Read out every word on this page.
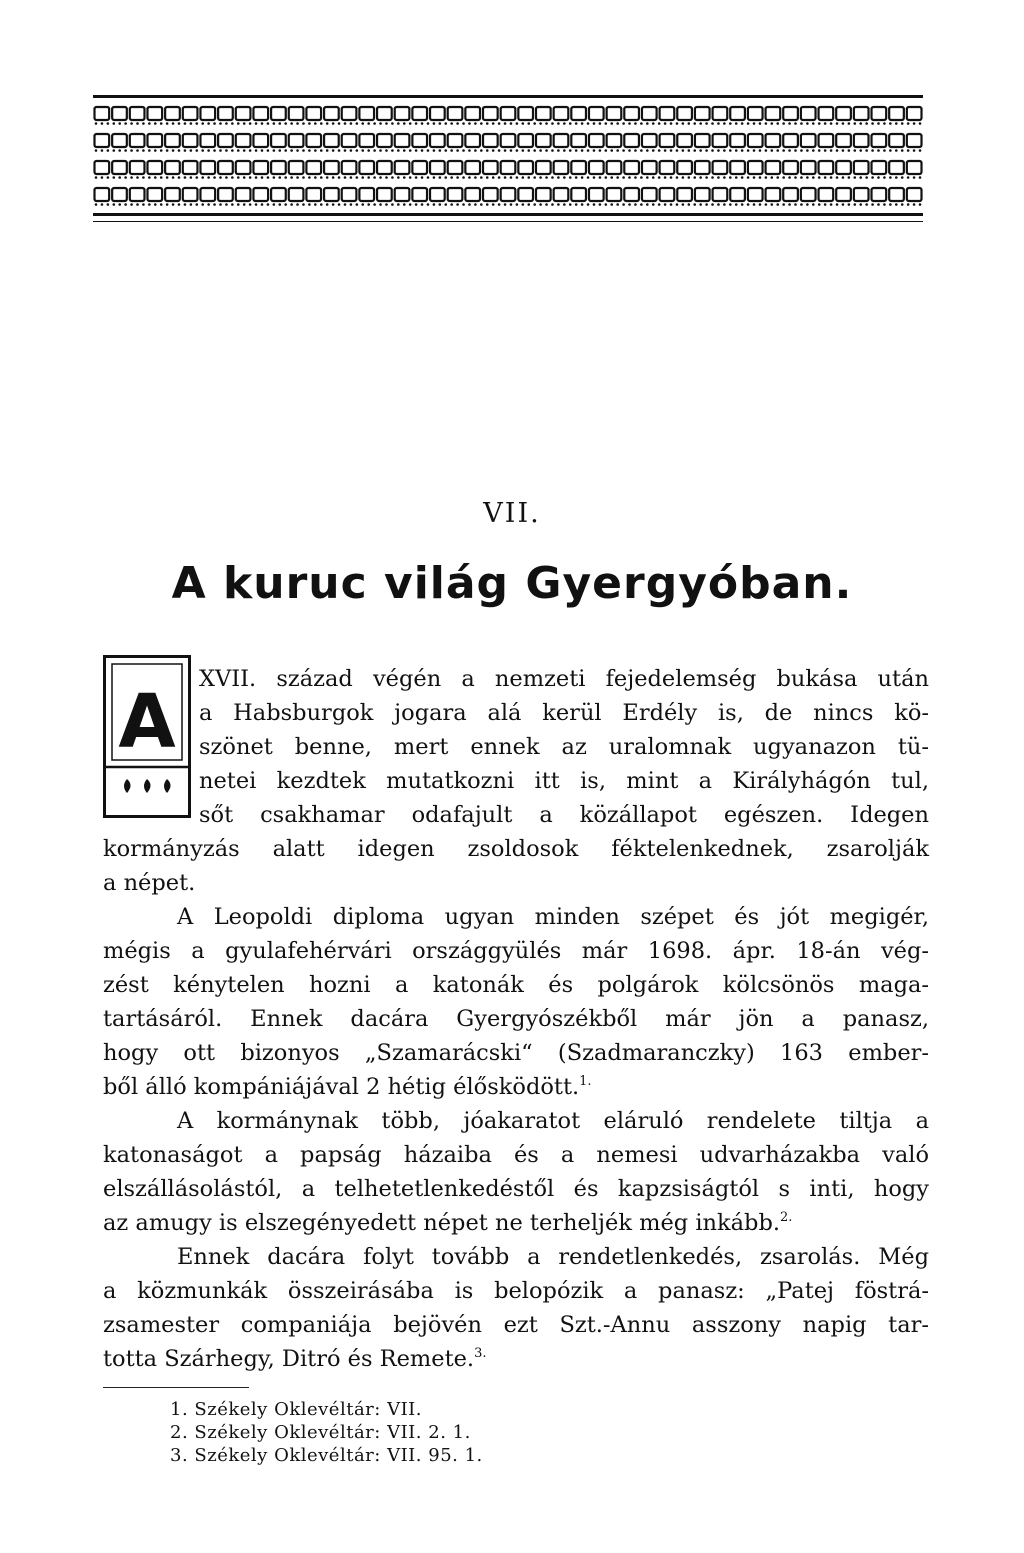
VII.
A kuruc világ Gyergyóban.
A	XVII. század végén a nemzeti fejedelemség bukása után
a Habsburgok jogara alá kerül Erdély is, de nincs kö-
szönet benne, mert ennek az uralomnak ugyanazon tü-
netei kezdtek mutatkozni itt is, mint a Királyhágón tul,
sőt csakhamar odafajult a közállapot egészen. Idegen
kormányzás alatt idegen zsoldosok féktelenkednek, zsarolják
a népet.
A Leopoldi diploma ugyan minden szépet és jót megigér,
mégis a gyulafehérvári országgyülés már 1698. ápr. 18-án vég-
zést kénytelen hozni a katonák és polgárok kölcsönös maga-
tartásáról. Ennek dacára Gyergyószékből már jön a panasz,
hogy ott bizonyos „Szamarácski“ (Szadmaranczky) 163 ember-
ből álló kompániájával 2 hétig élősködött.$^{1.}$
A kormánynak több, jóakaratot eláruló rendelete tiltja a
katonaságot a papság házaiba és a nemesi udvarházakba való
elszállásolástól, a telhetetlenkedéstől és kapzsiságtól s inti, hogy
az amugy is elszegényedett népet ne terheljék még inkább.$^{2.}$
Ennek dacára folyt tovább a rendetlenkedés, zsarolás. Még
a közmunkák összeirásába is belopózik a panasz: „Patej föstrá-
zsamester companiája bejövén ezt Szt.-Annu asszony napig tar-
totta Szárhegy, Ditró és Remete.$^{3.}$
1. Székely Oklevéltár: VII.
2. Székely Oklevéltár: VII. 2. 1.
3. Székely Oklevéltár: VII. 95. 1.
